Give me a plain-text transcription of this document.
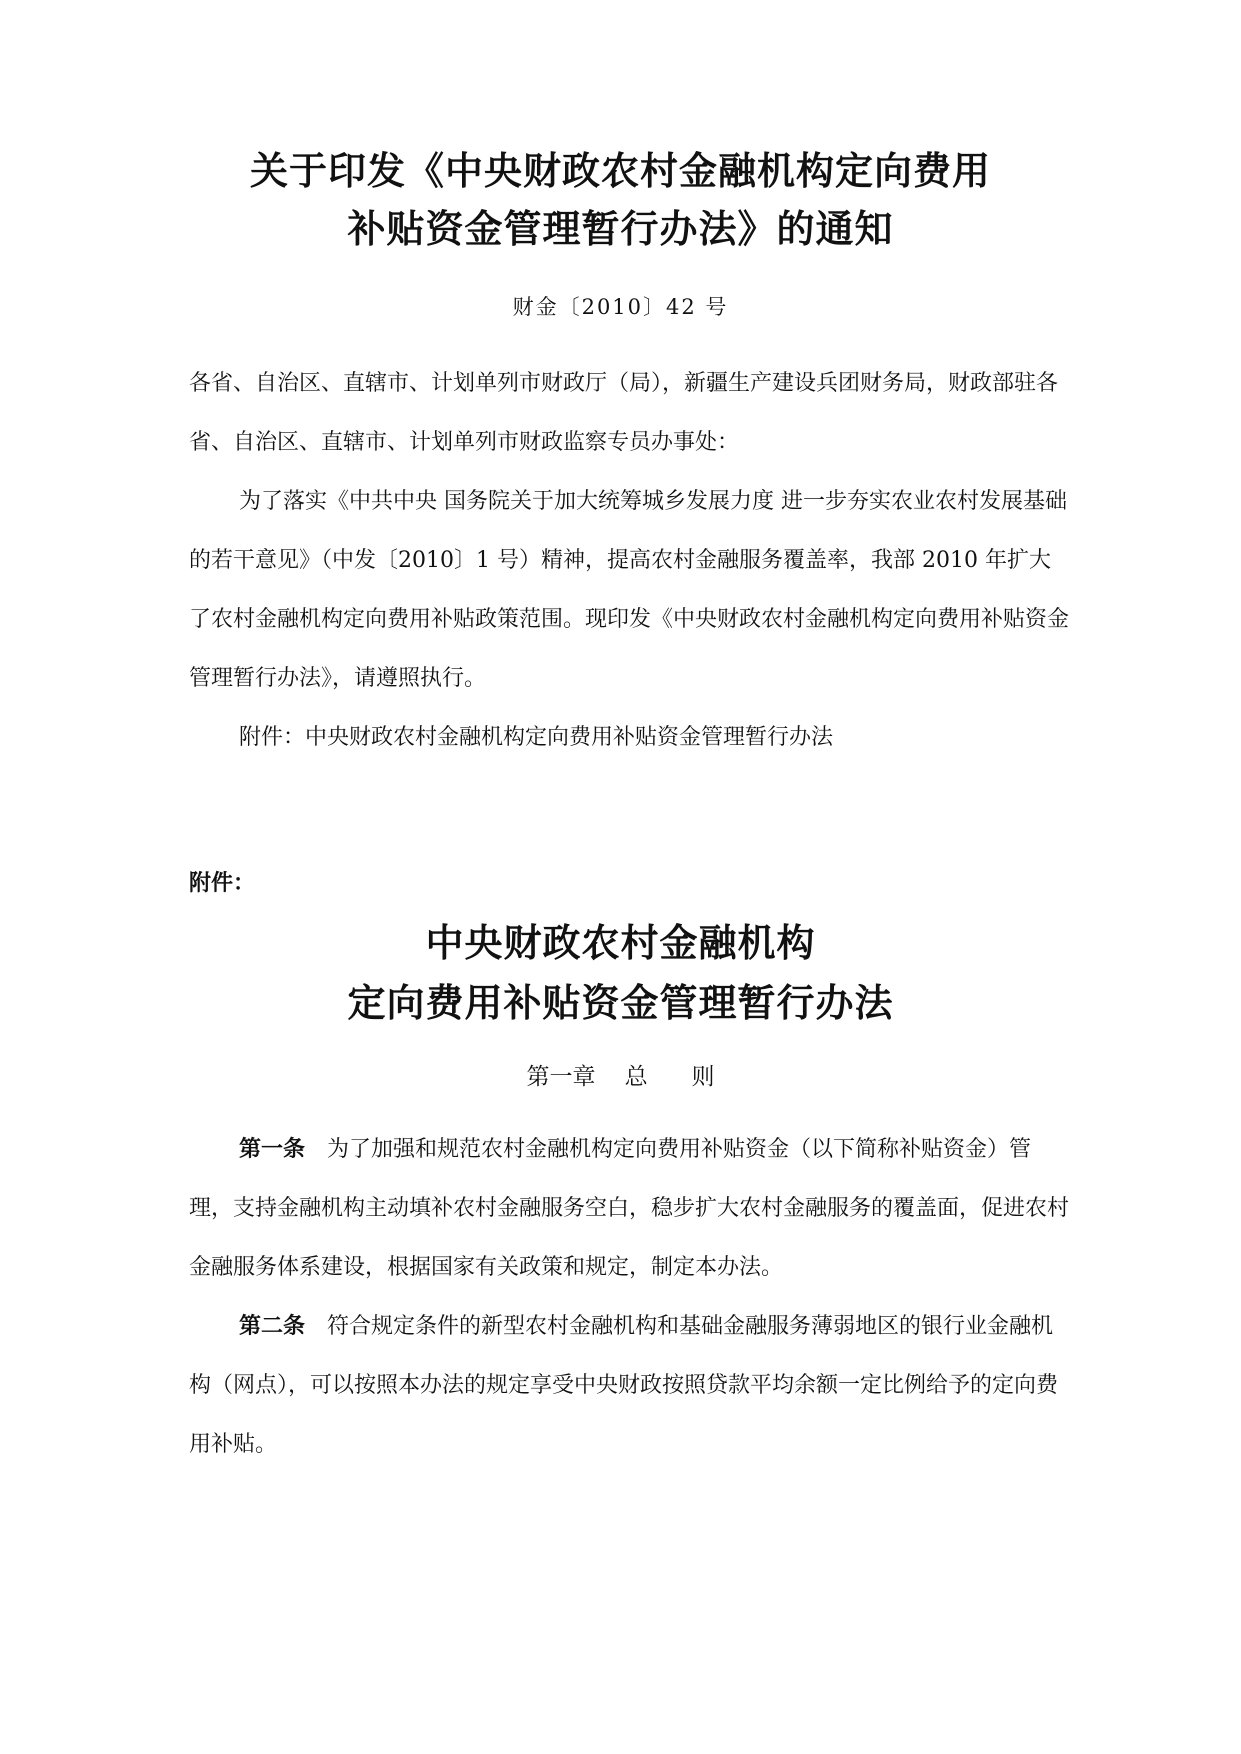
关于印发《中央财政农村金融机构定向费用
补贴资金管理暂行办法》的通知
财金〔2010〕42 号

各省、自治区、直辖市、计划单列市财政厅（局），新疆生产建设兵团财务局，财政部驻各省、自治区、直辖市、计划单列市财政监察专员办事处：

为了落实《中共中央 国务院关于加大统筹城乡发展力度 进一步夯实农业农村发展基础的若干意见》（中发〔2010〕1 号）精神，提高农村金融服务覆盖率，我部 2010 年扩大了农村金融机构定向费用补贴政策范围。现印发《中央财政农村金融机构定向费用补贴资金管理暂行办法》，请遵照执行。

附件：中央财政农村金融机构定向费用补贴资金管理暂行办法

附件：
中央财政农村金融机构
定向费用补贴资金管理暂行办法
第一章    总      则

第一条  为了加强和规范农村金融机构定向费用补贴资金（以下简称补贴资金）管理，支持金融机构主动填补农村金融服务空白，稳步扩大农村金融服务的覆盖面，促进农村金融服务体系建设，根据国家有关政策和规定，制定本办法。

第二条  符合规定条件的新型农村金融机构和基础金融服务薄弱地区的银行业金融机构（网点），可以按照本办法的规定享受中央财政按照贷款平均余额一定比例给予的定向费用补贴。
